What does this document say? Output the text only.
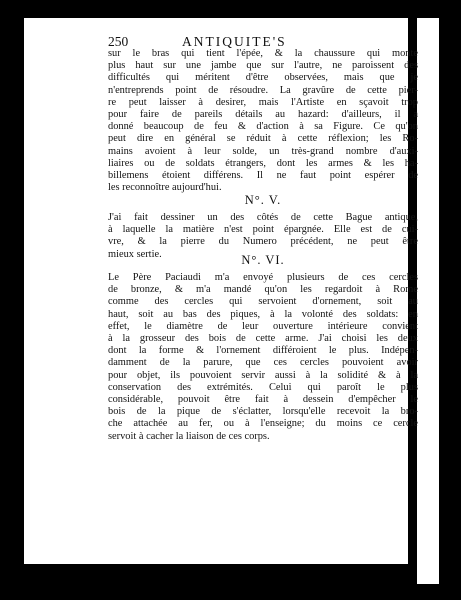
250	ANTIQUITE'S
sur le bras qui tient l'épée, & la chaussure qui monte
plus haut sur une jambe que sur l'autre, ne paroissent des
difficultés qui méritent d'être observées, mais que je
n'entreprends point de résoudre. La gravûre de cette pier-
re peut laisser à desirer, mais l'Artiste en sçavoit trop
pour faire de pareils détails au hazard: d'ailleurs, il a
donné beaucoup de feu & d'action à sa Figure. Ce qu'on
peut dire en général se réduit à cette réflexion; les Ro-
mains avoient à leur solde, un très-grand nombre d'auxi-
liaires ou de soldats étrangers, dont les armes & les ha-
billemens étoient différens. Il ne faut point espérer de
les reconnoître aujourd'hui.
N°. V.
J'ai fait dessiner un des côtés de cette Bague antique,
à laquelle la matière n'est point épargnée. Elle est de cui-
vre, & la pierre du Numero précédent, ne peut être
mieux sertie.	N°. VI.
Le Père Paciaudi m'a envoyé plusieurs de ces cercles
de bronze, & m'a mandé qu'on les regardoit à Rome
comme des cercles qui servoient d'ornement, soit au
haut, soit au bas des piques, à la volonté des soldats: en
effet, le diamètre de leur ouverture intérieure convient
à la grosseur des bois de cette arme. J'ai choisi les deux
dont la forme & l'ornement différoient le plus. Indépen-
damment de la parure, que ces cercles pouvoient avoir
pour objet, ils pouvoient servir aussi à la solidité & à la
conservation des extrémités. Celui qui paroît le plus
considérable, pouvoit être fait à dessein d'empêcher le
bois de la pique de s'éclatter, lorsqu'elle recevoit la bro-
che attachée au fer, ou à l'enseigne; du moins ce cercle
servoit à cacher la liaison de ces corps.
